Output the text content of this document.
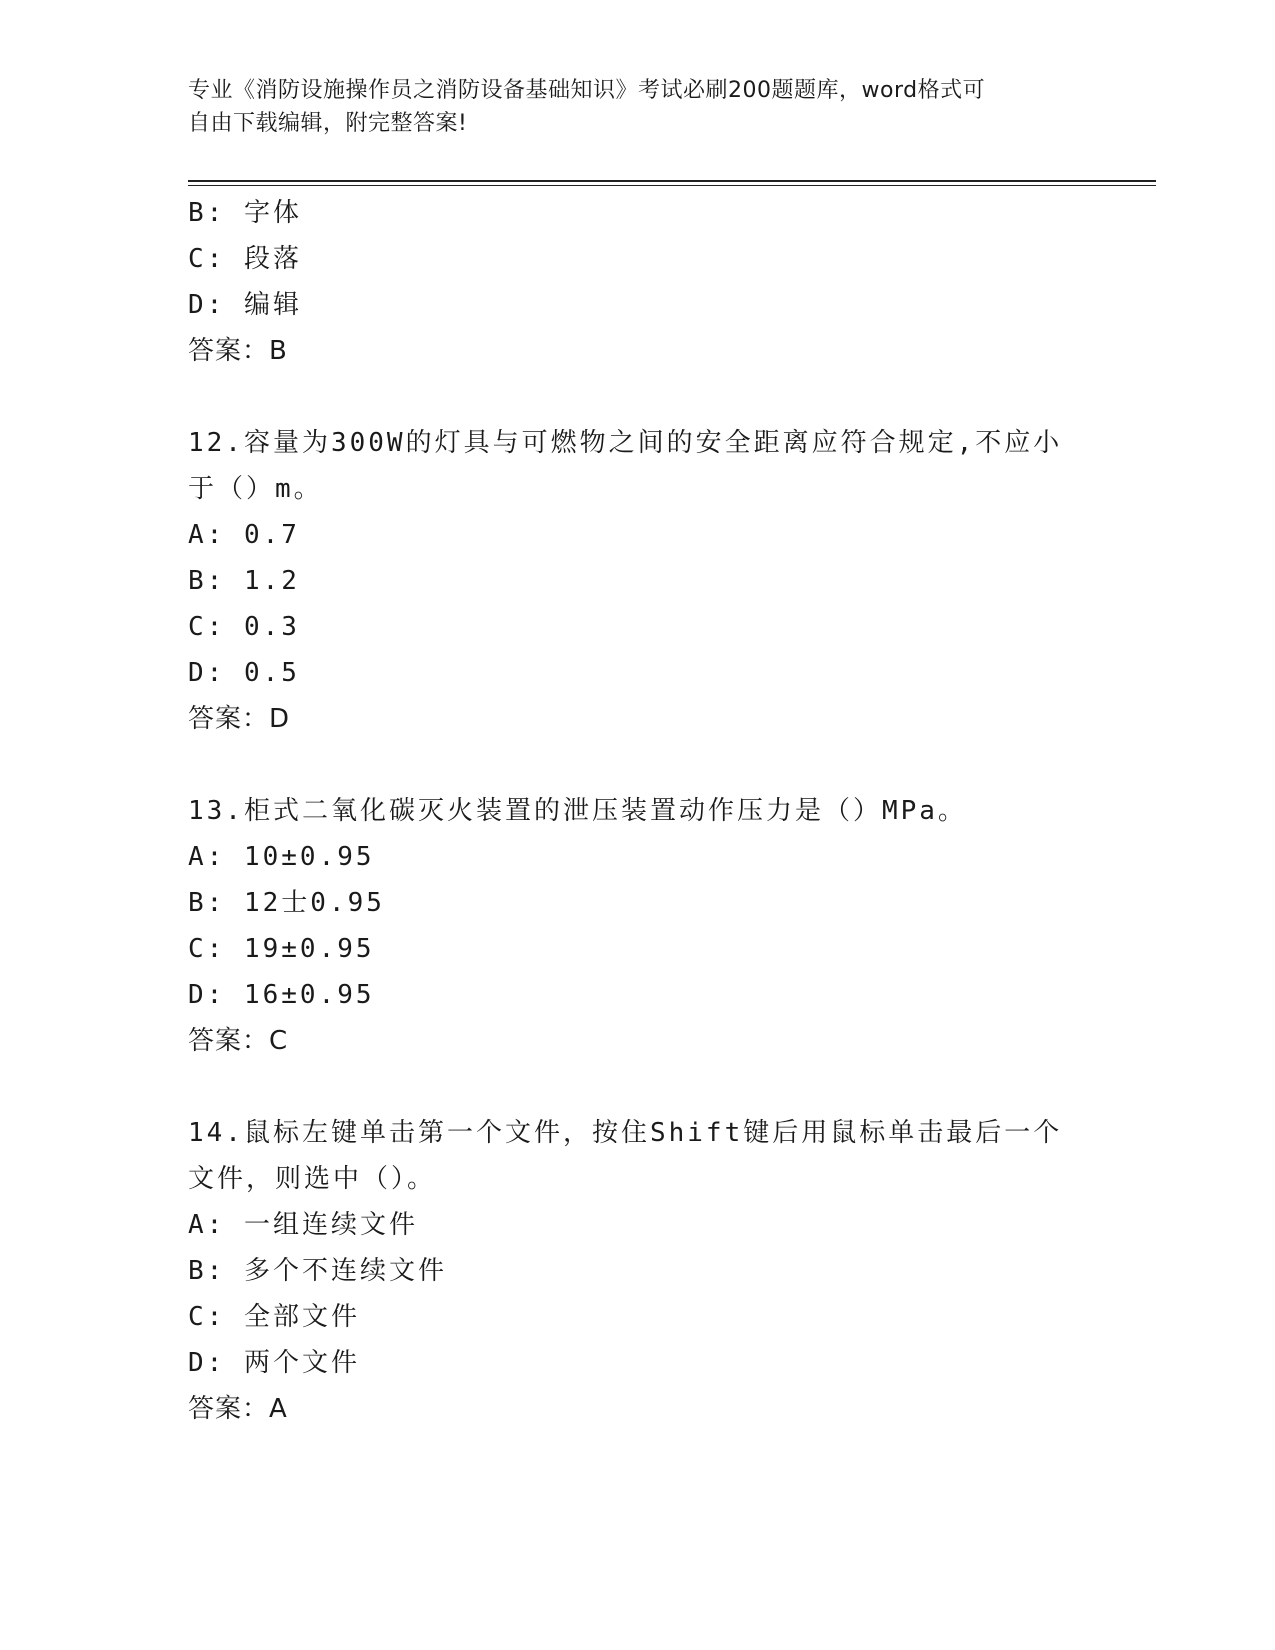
专业《消防设施操作员之消防设备基础知识》考试必刷200题题库，word格式可
自由下载编辑，附完整答案!
B: 字体
C: 段落
D: 编辑
答案：B
12.容量为300W的灯具与可燃物之间的安全距离应符合规定,不应小于（）m。
A: 0.7
B: 1.2
C: 0.3
D: 0.5
答案：D
13.柜式二氧化碳灭火装置的泄压装置动作压力是（）MPa。
A: 10±0.95
B: 12士0.95
C: 19±0.95
D: 16±0.95
答案：C
14.鼠标左键单击第一个文件，按住Shift键后用鼠标单击最后一个文件，则选中（）。
A: 一组连续文件
B: 多个不连续文件
C: 全部文件
D: 两个文件
答案：A
